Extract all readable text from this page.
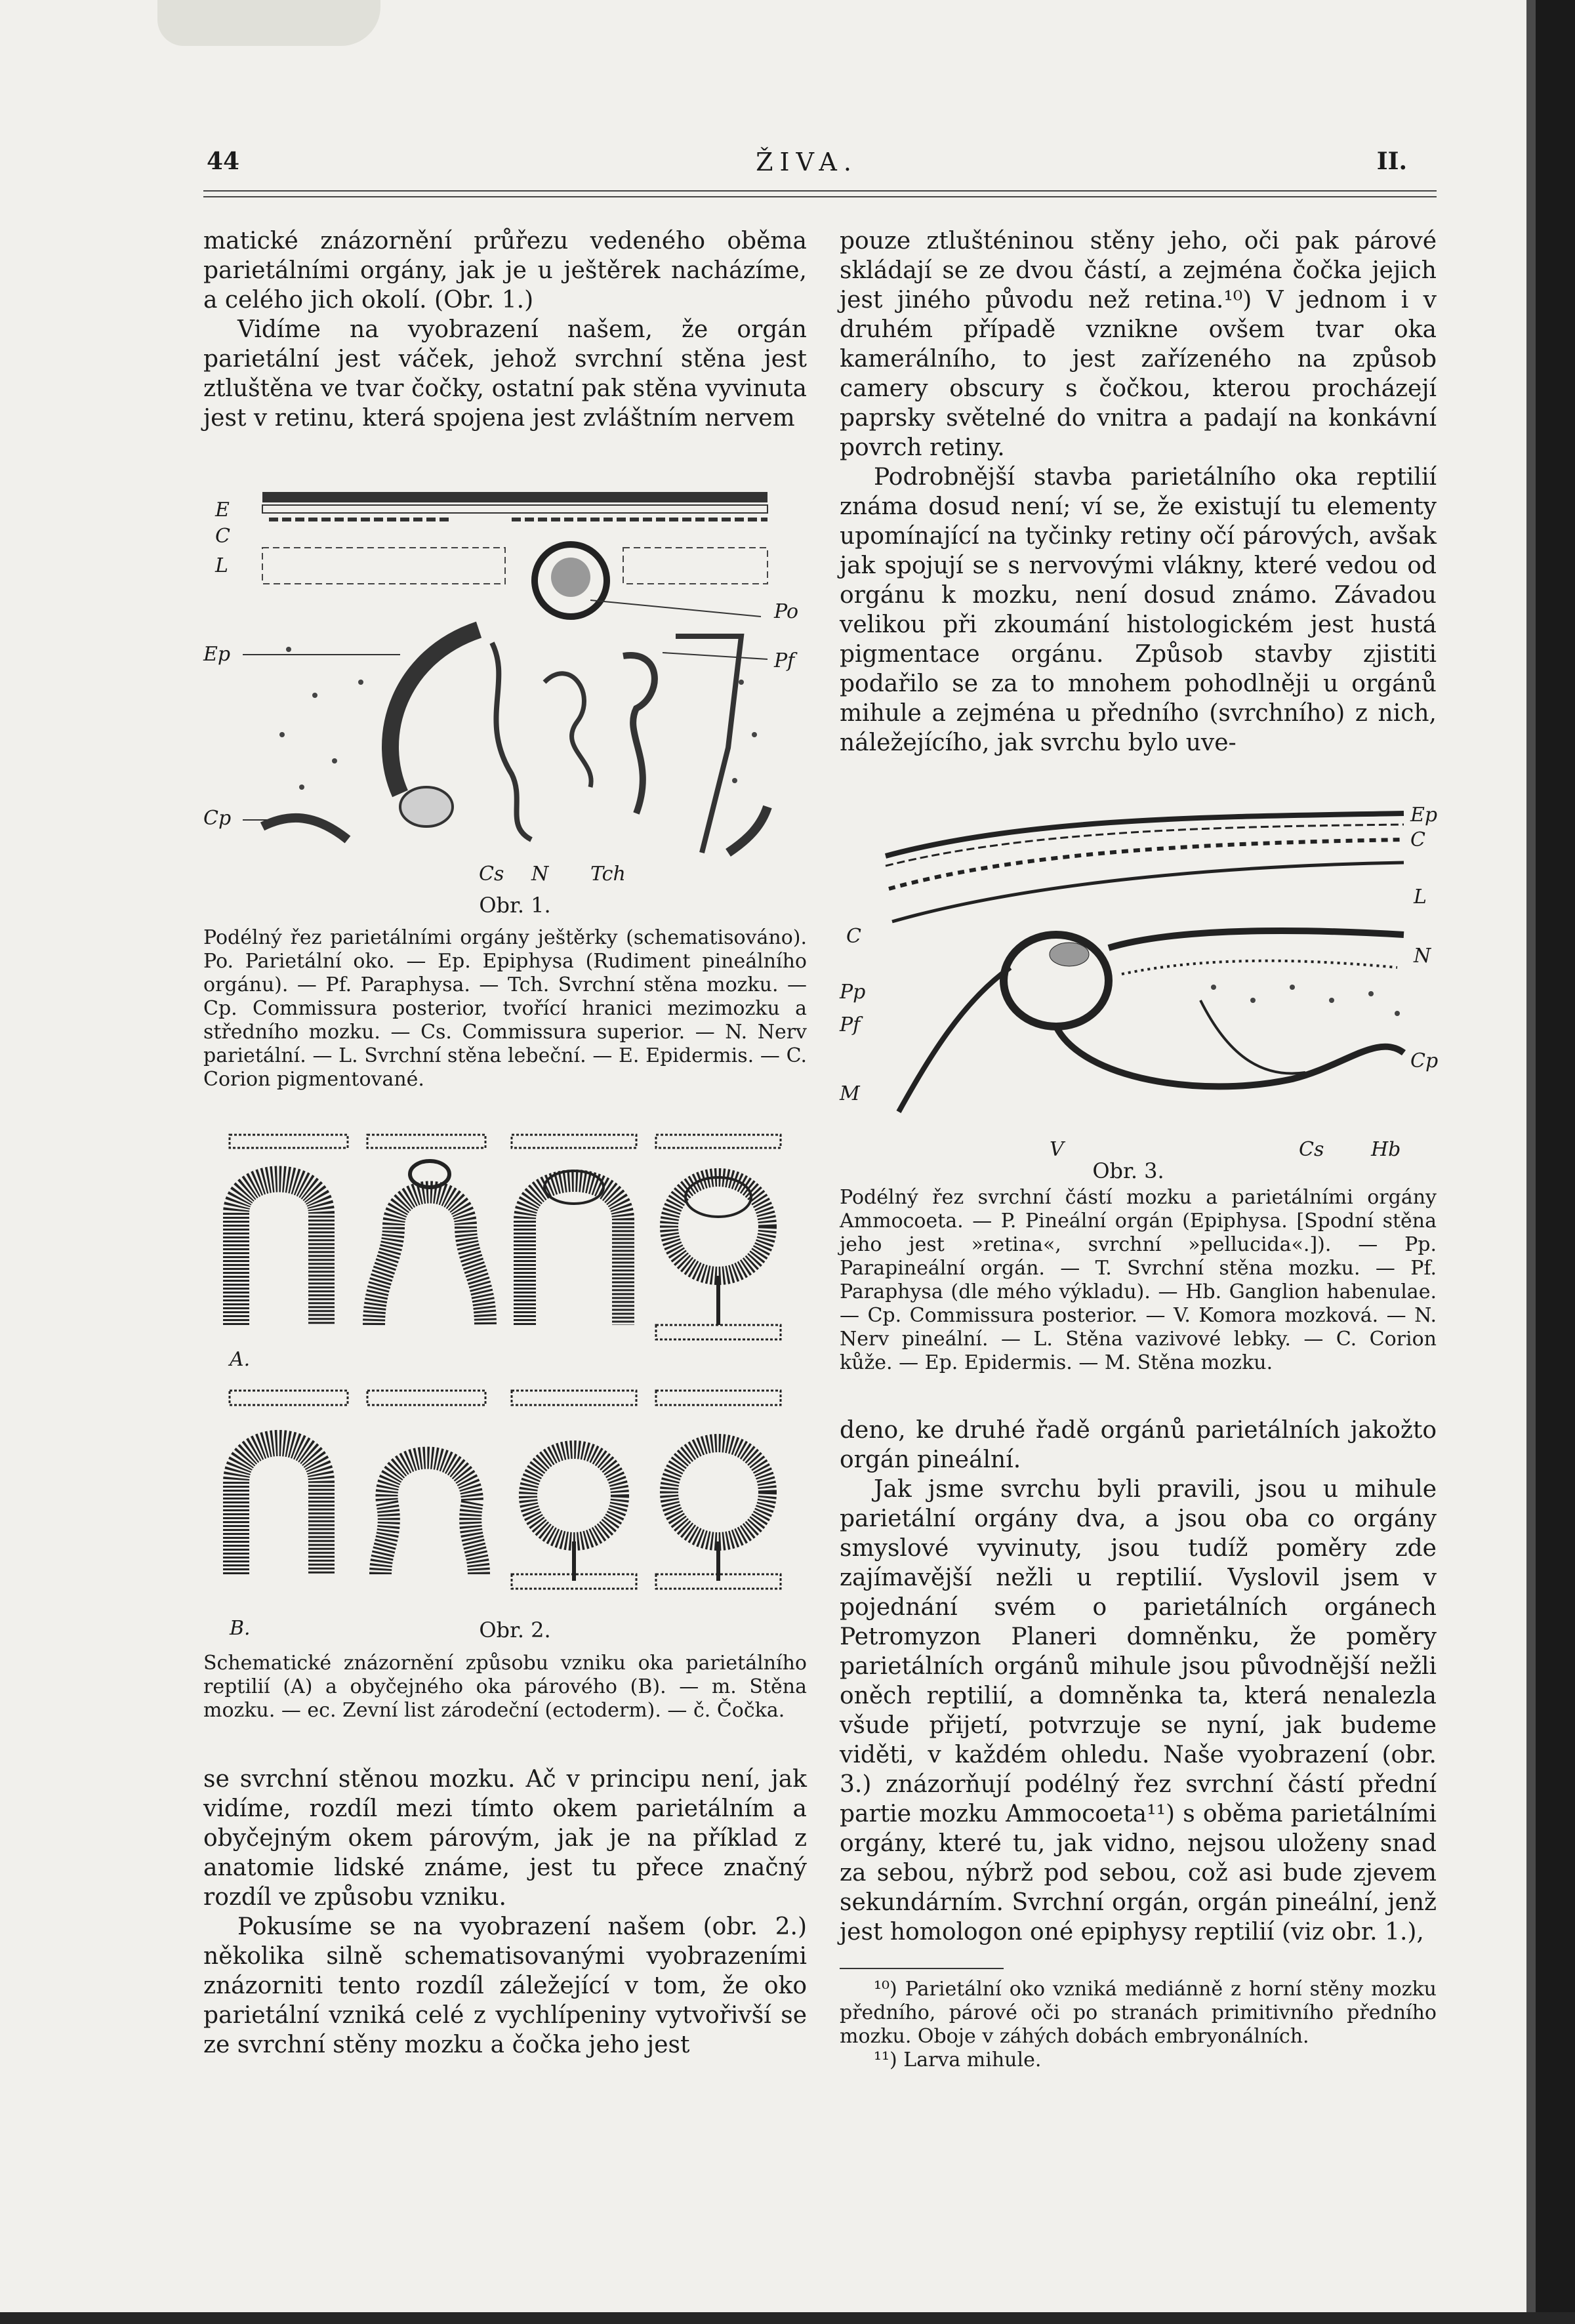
44	ŽIVA.	II.

matické znázornění průřezu vedeného oběma parietálními orgány, jak je u ještěrek nacházíme, a celého jich okolí. (Obr. 1.)

Vidíme na vyobrazení našem, že orgán parietální jest váček, jehož svrchní stěna jest ztluštěna ve tvar čočky, ostatní pak stěna vyvinuta jest v retinu, která spojena jest zvláštním nervem

E
C
L
Ep
Cp
Po
Pf
Cs N Tch
Obr. 1.
Podélný řez parietálními orgány ještěrky (schematisováno). Po. Parietální oko. — Ep. Epiphysa (Rudiment pineálního orgánu). — Pf. Paraphysa. — Tch. Svrchní stěna mozku. — Cp. Commissura posterior, tvořící hranici mezimozku a středního mozku. — Cs. Commissura superior. — N. Nerv parietální. — L. Svrchní stěna lebeční. — E. Epidermis. — C. Corion pigmentované.
A.
B.	Obr. 2.
Schematické znázornění způsobu vzniku oka parietálního reptilií (A) a obyčejného oka párového (B). — m. Stěna mozku. — ec. Zevní list zárodeční (ectoderm). — č. Čočka.

se svrchní stěnou mozku. Ač v principu není, jak vidíme, rozdíl mezi tímto okem parietálním a obyčejným okem párovým, jak je na příklad z anatomie lidské známe, jest tu přece značný rozdíl ve způsobu vzniku.

Pokusíme se na vyobrazení našem (obr. 2.) několika silně schematisovanými vyobrazeními znázorniti tento rozdíl záležející v tom, že oko parietální vzniká celé z vychlípeniny vytvořivší se ze svrchní stěny mozku a čočka jeho jest

pouze ztlušténinou stěny jeho, oči pak párové skládají se ze dvou částí, a zejména čočka jejich jest jiného původu než retina.¹⁰) V jednom i v druhém případě vznikne ovšem tvar oka kamerálního, to jest zařízeného na způsob camery obscury s čočkou, kterou procházejí paprsky světelné do vnitra a padají na konkávní povrch retiny.

Podrobnější stavba parietálního oka reptilií známa dosud není; ví se, že existují tu elementy upomínající na tyčinky retiny očí párových, avšak jak spojují se s nervovými vlákny, které vedou od orgánu k mozku, není dosud známo. Závadou velikou při zkoumání histologickém jest hustá pigmentace orgánu. Způsob stavby zjistiti podařilo se za to mnohem pohodlněji u orgánů mihule a zejména u předního (svrchního) z nich, náležejícího, jak svrchu bylo uve-

Ep
C
L
N
Cp
C
Pp
Pf
M
V	Cs Hb
Obr. 3.
Podélný řez svrchní částí mozku a parietálními orgány Ammocoeta. — P. Pineální orgán (Epiphysa. [Spodní stěna jeho jest »retina«, svrchní »pellucida«.]). — Pp. Parapineální orgán. — T. Svrchní stěna mozku. — Pf. Paraphysa (dle mého výkladu). — Hb. Ganglion habenulae. — Cp. Commissura posterior. — V. Komora mozková. — N. Nerv pineální. — L. Stěna vazivové lebky. — C. Corion kůže. — Ep. Epidermis. — M. Stěna mozku.

deno, ke druhé řadě orgánů parietálních jakožto orgán pineální.

Jak jsme svrchu byli pravili, jsou u mihule parietální orgány dva, a jsou oba co orgány smyslové vyvinuty, jsou tudíž poměry zde zajímavější nežli u reptilií. Vyslovil jsem v pojednání svém o parietálních orgánech Petromyzon Planeri domněnku, že poměry parietálních orgánů mihule jsou původnější nežli oněch reptilií, a domněnka ta, která nenalezla všude přijetí, potvrzuje se nyní, jak budeme viděti, v každém ohledu. Naše vyobrazení (obr. 3.) znázorňují podélný řez svrchní částí přední partie mozku Ammocoeta¹¹) s oběma parietálními orgány, které tu, jak vidno, nejsou uloženy snad za sebou, nýbrž pod sebou, což asi bude zjevem sekundárním. Svrchní orgán, orgán pineální, jenž jest homologon oné epiphysy reptilií (viz obr. 1.),

¹⁰) Parietální oko vzniká mediánně z horní stěny mozku předního, párové oči po stranách primitivního předního mozku. Oboje v záhých dobách embryonálních.

¹¹) Larva mihule.
